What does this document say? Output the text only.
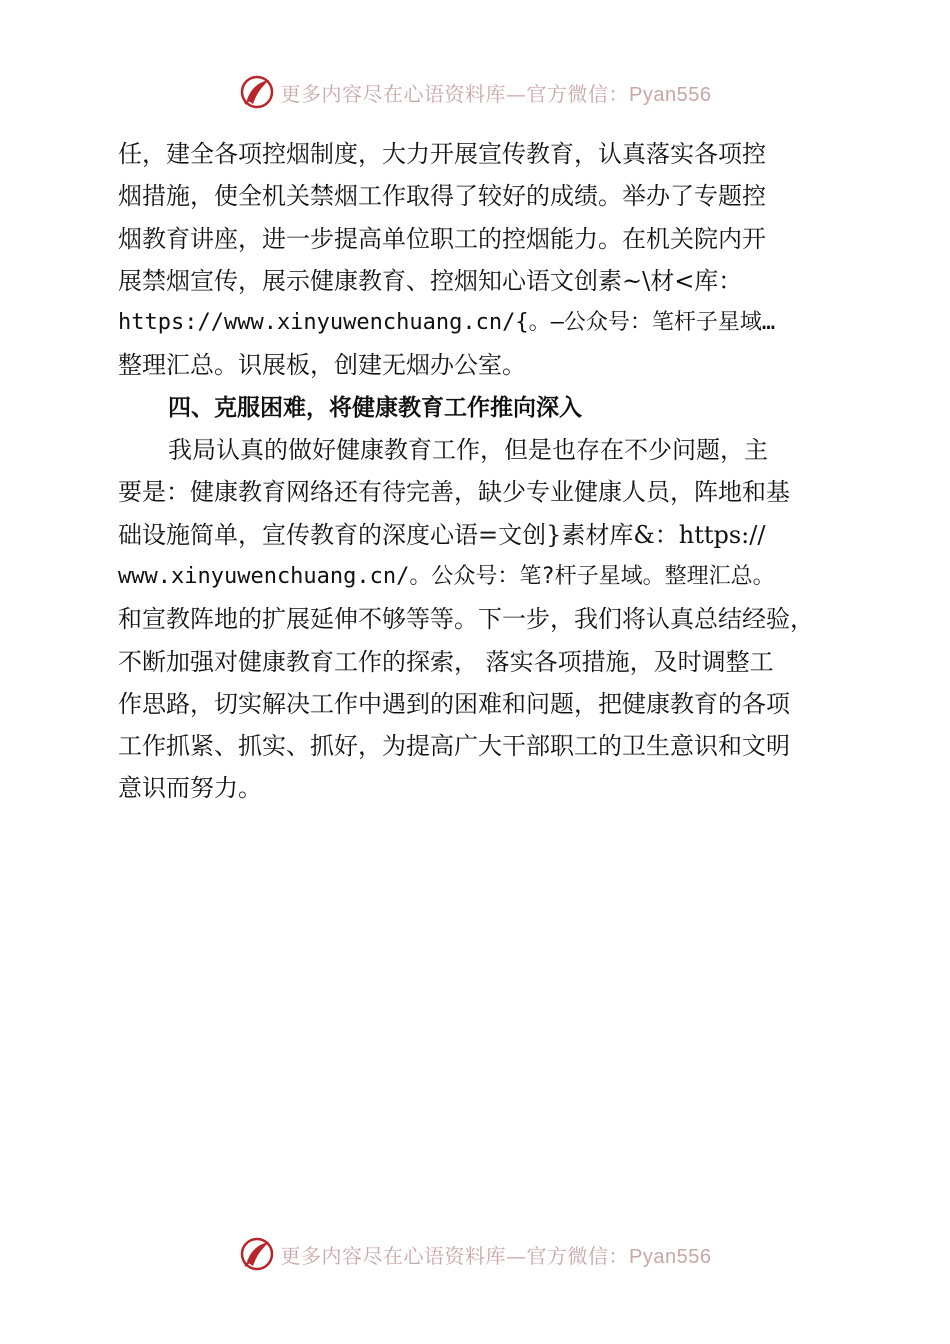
更多内容尽在心语资料库—官方微信：Pyan556
任，建全各项控烟制度，大力开展宣传教育，认真落实各项控
烟措施，使全机关禁烟工作取得了较好的成绩。举办了专题控
烟教育讲座，进一步提高单位职工的控烟能力。在机关院内开
展禁烟宣传，展示健康教育、控烟知心语文创素~\材<库：
https://www.xinyuwenchuang.cn/{。—公众号：笔杆子星域…
整理汇总。识展板，创建无烟办公室。
四、克服困难，将健康教育工作推向深入
我局认真的做好健康教育工作，但是也存在不少问题，主
要是：健康教育网络还有待完善，缺少专业健康人员，阵地和基
础设施简单，宣传教育的深度心语=文创}素材库&：https://
www.xinyuwenchuang.cn/。公众号：笔?杆子星域。整理汇总。
和宣教阵地的扩展延伸不够等等。下一步，我们将认真总结经验，
不断加强对健康教育工作的探索， 落实各项措施，及时调整工
作思路，切实解决工作中遇到的困难和问题，把健康教育的各项
工作抓紧、抓实、抓好，为提高广大干部职工的卫生意识和文明
意识而努力。
更多内容尽在心语资料库—官方微信：Pyan556
